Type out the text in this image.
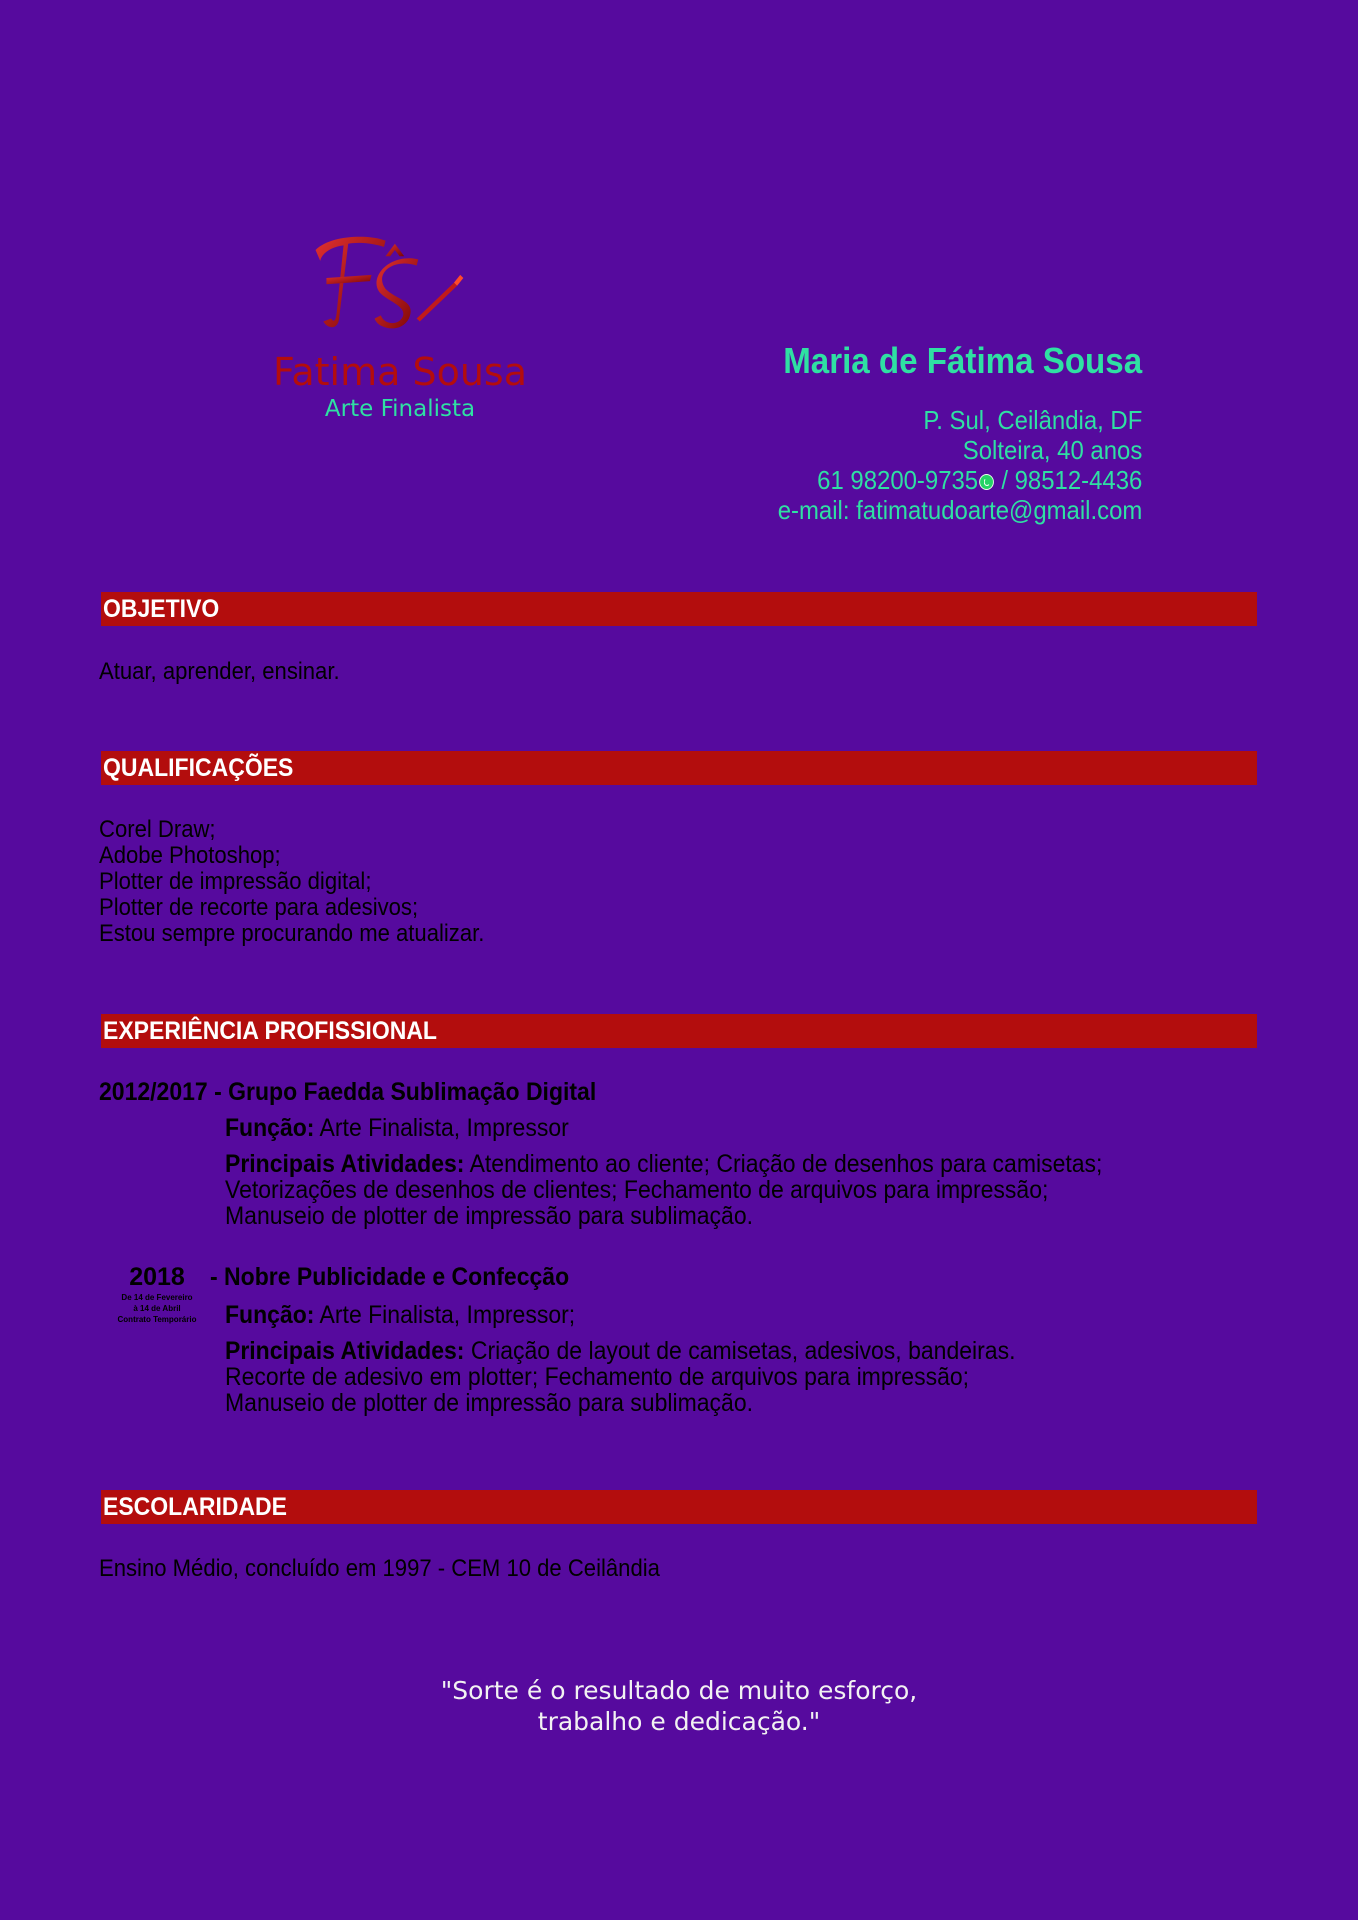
Fatima Sousa
Arte Finalista
Maria de Fátima Sousa
P. Sul, Ceilândia, DF
Solteira, 40 anos
61 98200-9735 / 98512-4436
e-mail: fatimatudoarte@gmail.com
OBJETIVO
Atuar, aprender, ensinar.
QUALIFICAÇÕES
Corel Draw;
Adobe Photoshop;
Plotter de impressão digital;
Plotter de recorte para adesivos;
Estou sempre procurando me atualizar.
EXPERIÊNCIA PROFISSIONAL
2012/2017 - Grupo Faedda Sublimação Digital
Função: Arte Finalista, Impressor
Principais Atividades: Atendimento ao cliente; Criação de desenhos para camisetas;
Vetorizações de desenhos de clientes; Fechamento de arquivos para impressão;
Manuseio de plotter de impressão para sublimação.
2018
De 14 de Fevereiro
à 14 de Abril
Contrato Temporário
- Nobre Publicidade e Confecção
Função: Arte Finalista, Impressor;
Principais Atividades: Criação de layout de camisetas, adesivos, bandeiras.
Recorte de adesivo em plotter; Fechamento de arquivos para impressão;
Manuseio de plotter de impressão para sublimação.
ESCOLARIDADE
Ensino Médio, concluído em 1997 - CEM 10 de Ceilândia
"Sorte é o resultado de muito esforço,
trabalho e dedicação."
